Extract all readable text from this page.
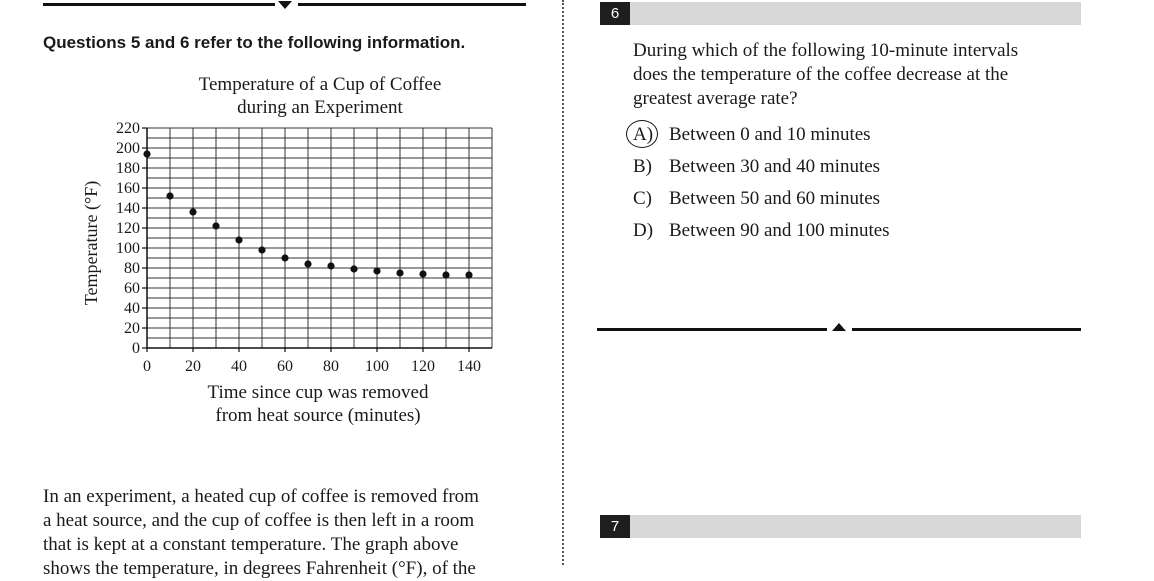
Questions 5 and 6 refer to the following information.
Temperature of a Cup of Coffee
during an Experiment
0
20
40
60
80
100
120
140
160
180
200
220
0 20 40 60 80 100 120 140
Temperature (°F)
Time since cup was removed
from heat source (minutes)
In an experiment, a heated cup of coffee is removed from
a heat source, and the cup of coffee is then left in a room
that is kept at a constant temperature. The graph above
shows the temperature, in degrees Fahrenheit (°F), of the
6
During which of the following 10-minute intervals
does the temperature of the coffee decrease at the
greatest average rate?
A) Between 0 and 10 minutes
B) Between 30 and 40 minutes
C) Between 50 and 60 minutes
D) Between 90 and 100 minutes
7
